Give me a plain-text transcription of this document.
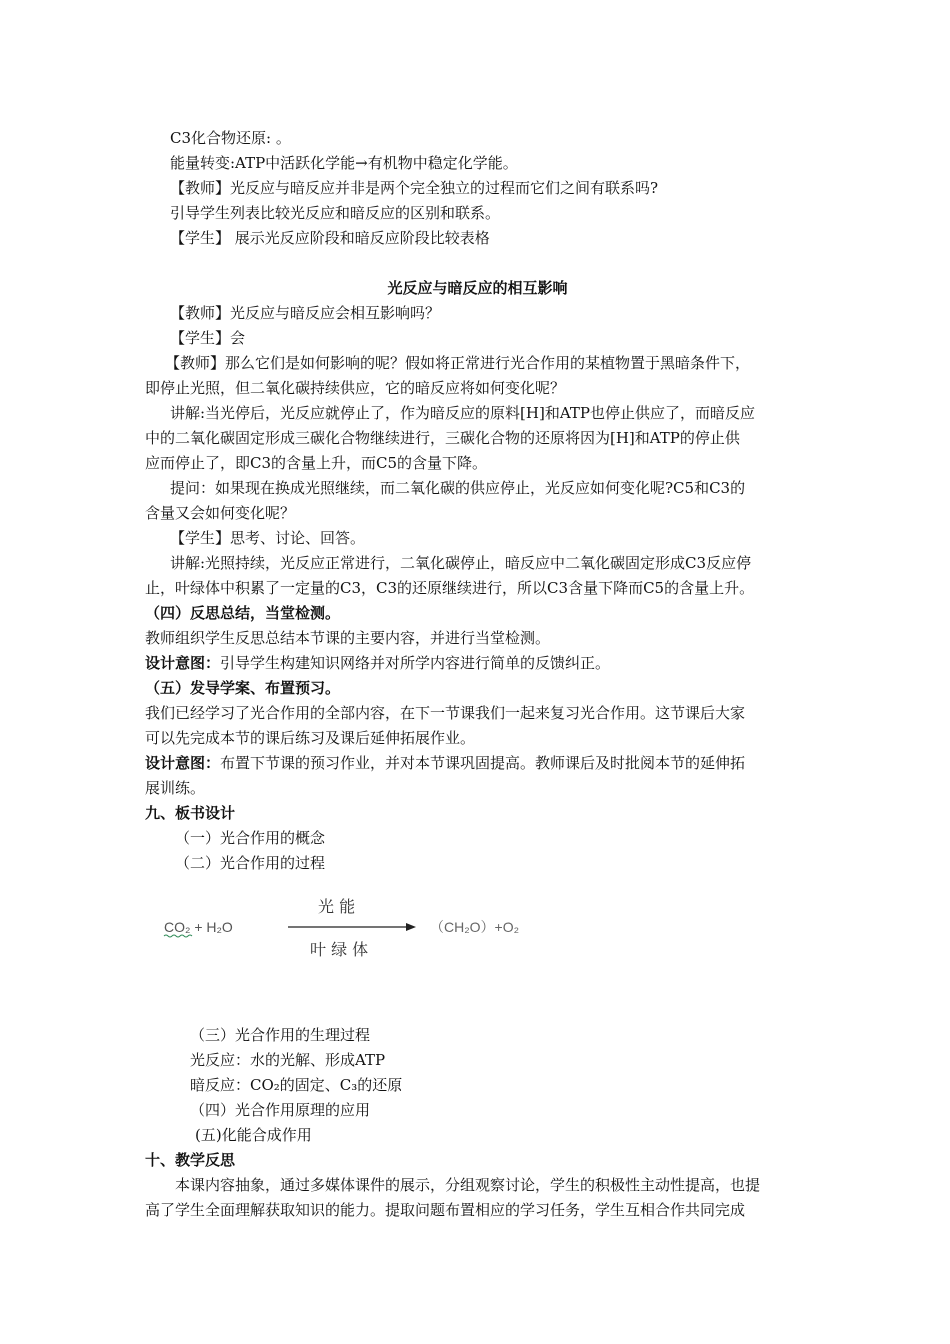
C3化合物还原: 。
能量转变:ATP中活跃化学能→有机物中稳定化学能。
【教师】光反应与暗反应并非是两个完全独立的过程而它们之间有联系吗?
引导学生列表比较光反应和暗反应的区别和联系。
【学生】 展示光反应阶段和暗反应阶段比较表格
光反应与暗反应的相互影响
【教师】光反应与暗反应会相互影响吗？
【学生】会
【教师】那么它们是如何影响的呢？假如将正常进行光合作用的某植物置于黑暗条件下，
即停止光照，但二氧化碳持续供应，它的暗反应将如何变化呢？
讲解:当光停后，光反应就停止了，作为暗反应的原料[H]和ATP也停止供应了，而暗反应
中的二氧化碳固定形成三碳化合物继续进行，三碳化合物的还原将因为[H]和ATP的停止供
应而停止了，即C3的含量上升，而C5的含量下降。
提问：如果现在换成光照继续，而二氧化碳的供应停止，光反应如何变化呢?C5和C3的
含量又会如何变化呢？
【学生】思考、讨论、回答。
讲解:光照持续，光反应正常进行，二氧化碳停止，暗反应中二氧化碳固定形成C3反应停
止，叶绿体中积累了一定量的C3，C3的还原继续进行，所以C3含量下降而C5的含量上升。
（四）反思总结，当堂检测。
教师组织学生反思总结本节课的主要内容，并进行当堂检测。
设计意图：引导学生构建知识网络并对所学内容进行简单的反馈纠正。
（五）发导学案、布置预习。
我们已经学习了光合作用的全部内容，在下一节课我们一起来复习光合作用。这节课后大家
可以先完成本节的课后练习及课后延伸拓展作业。
设计意图：布置下节课的预习作业，并对本节课巩固提高。教师课后及时批阅本节的延伸拓
展训练。
九、板书设计
（一）光合作用的概念
（二）光合作用的过程
CO₂ + H₂O
光 能
叶 绿 体
（CH₂O）+O₂
（三）光合作用的生理过程
光反应：水的光解、形成ATP
暗反应：CO₂的固定、C₃的还原
（四）光合作用原理的应用
(五)化能合成作用
十、教学反思
本课内容抽象，通过多媒体课件的展示，分组观察讨论，学生的积极性主动性提高，也提
高了学生全面理解获取知识的能力。提取问题布置相应的学习任务，学生互相合作共同完成
